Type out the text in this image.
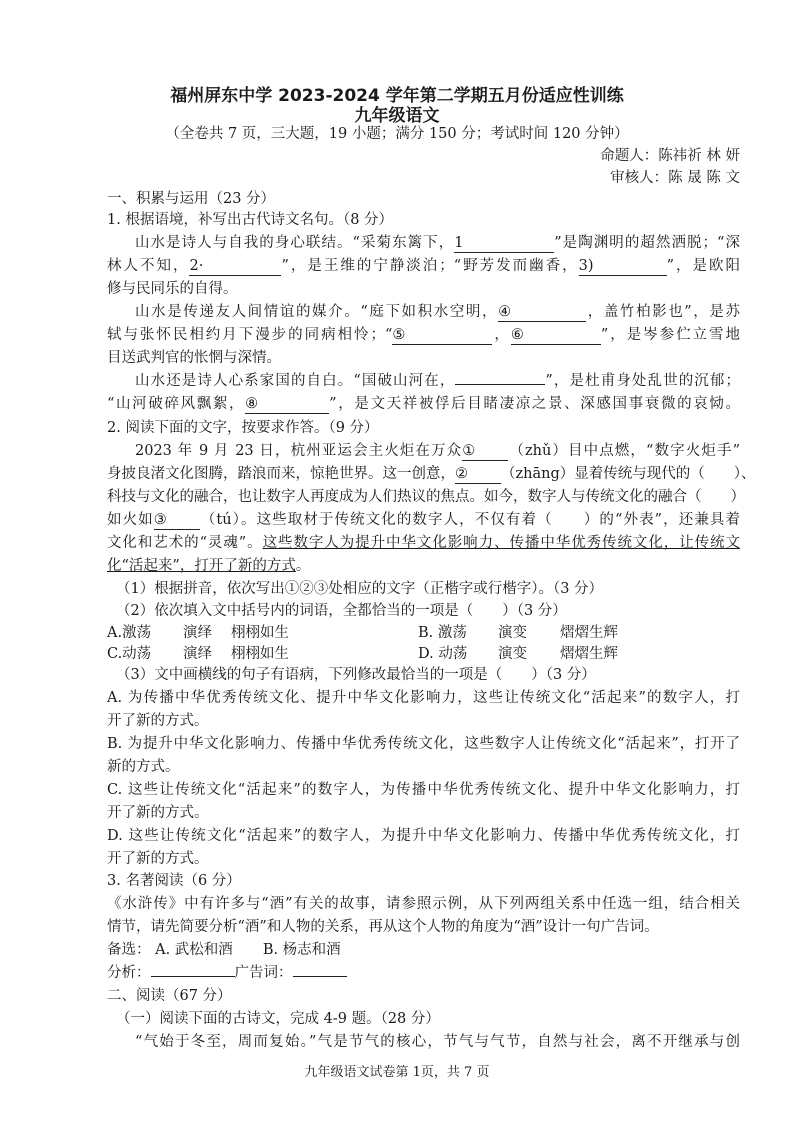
福州屏东中学 2023-2024 学年第二学期五月份适应性训练
九年级语文
（全卷共 7 页，三大题，19 小题；满分 150 分；考试时间 120 分钟）
命题人：陈祎祈 林 妍
审核人：陈 晟 陈 文
一、积累与运用（23 分）
1. 根据语境，补写出古代诗文名句。（8 分）
山水是诗人与自我的身心联结。“采菊东篱下，1	”是陶渊明的超然洒脱；“深
林人不知，2·	”，是王维的宁静淡泊；“野芳发而幽香，3)	”，是欧阳
修与民同乐的自得。
山水是传递友人间情谊的媒介。“庭下如积水空明，④	，盖竹柏影也”，是苏
轼与张怀民相约月下漫步的同病相怜；“⑤	，⑥	”，是岑参伫立雪地
目送武判官的怅惘与深情。
山水还是诗人心系家国的自白。“国破山河在，	”，是杜甫身处乱世的沉郁；
“山河破碎风飘絮，⑧	”，是文天祥被俘后目睹凄凉之景、深感国事衰微的哀恸。
2. 阅读下面的文字，按要求作答。（9 分）
2023 年 9 月 23 日，杭州亚运会主火炬在万众① （zhǔ）目中点燃，“数字火炬手”
身披良渚文化图腾，踏浪而来，惊艳世界。这一创意，② （zhāng）显着传统与现代的（　　）、
科技与文化的融合，也让数字人再度成为人们热议的焦点。如今，数字人与传统文化的融合（　　）
如火如③ （tú）。这些取材于传统文化的数字人，不仅有着（　　）的“外表”，还兼具着
文化和艺术的“灵魂”。这些数字人为提升中华文化影响力、传播中华优秀传统文化，让传统文
化“活起来”，打开了新的方式。
（1）根据拼音，依次写出①②③处相应的文字（正楷字或行楷字）。（3 分）
（2）依次填入文中括号内的词语，全都恰当的一项是（　　）（3 分）
A.激荡 演绎 栩栩如生	B. 激荡 演变 熠熠生辉
C.动荡 演绎 栩栩如生	D. 动荡 演变 熠熠生辉
（3）文中画横线的句子有语病，下列修改最恰当的一项是（　　）（3 分）
A. 为传播中华优秀传统文化、提升中华文化影响力，这些让传统文化“活起来”的数字人，打
开了新的方式。
B. 为提升中华文化影响力、传播中华优秀传统文化，这些数字人让传统文化“活起来”，打开了
新的方式。
C. 这些让传统文化“活起来”的数字人，为传播中华优秀传统文化、提升中华文化影响力，打
开了新的方式。
D. 这些让传统文化“活起来”的数字人，为提升中华文化影响力、传播中华优秀传统文化，打
开了新的方式。
3. 名著阅读（6 分）
《水浒传》中有许多与“酒”有关的故事，请参照示例，从下列两组关系中任选一组，结合相关
情节，请先简要分析“酒”和人物的关系，再从这个人物的角度为“酒”设计一句广告词。
备选： A. 武松和酒 B. 杨志和酒
分析：	广告词：
二、阅读（67 分）
（一）阅读下面的古诗文，完成 4-9 题。（28 分）
“气始于冬至，周而复始。”气是节气的核心，节气与气节，自然与社会，离不开继承与创
九年级语文试卷第 1页，共 7 页
